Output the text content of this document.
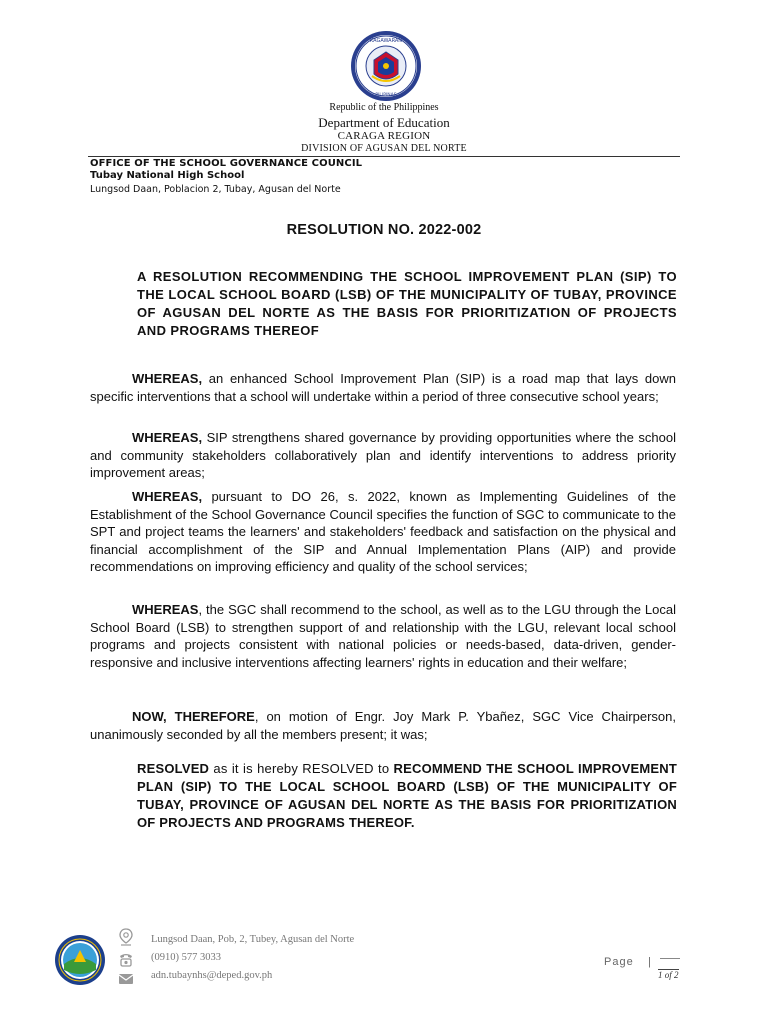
KAGAWARAN
PILIPINAS
Republic of the Philippines
Department of Education
CARAGA REGION
DIVISION OF AGUSAN DEL NORTE
OFFICE OF THE SCHOOL GOVERNANCE COUNCIL
Tubay National High School
Lungsod Daan, Poblacion 2, Tubay, Agusan del Norte
RESOLUTION NO. 2022-002
A RESOLUTION RECOMMENDING THE SCHOOL IMPROVEMENT PLAN (SIP) TO THE LOCAL SCHOOL BOARD (LSB) OF THE MUNICIPALITY OF TUBAY, PROVINCE OF AGUSAN DEL NORTE AS THE BASIS FOR PRIORITIZATION OF PROJECTS AND PROGRAMS THEREOF

WHEREAS, an enhanced School Improvement Plan (SIP) is a road map that lays down specific interventions that a school will undertake within a period of three consecutive school years;

WHEREAS, SIP strengthens shared governance by providing opportunities where the school and community stakeholders collaboratively plan and identify interventions to address priority improvement areas;

WHEREAS, pursuant to DO 26, s. 2022, known as Implementing Guidelines of the Establishment of the School Governance Council specifies the function of SGC to communicate to the SPT and project teams the learners' and stakeholders' feedback and satisfaction on the physical and financial accomplishment of the SIP and Annual Implementation Plans (AIP) and provide recommendations on improving efficiency and quality of the school services;

WHEREAS, the SGC shall recommend to the school, as well as to the LGU through the Local School Board (LSB) to strengthen support of and relationship with the LGU, relevant local school programs and projects consistent with national policies or needs-based, data-driven, gender-responsive and inclusive interventions affecting learners' rights in education and their welfare;

NOW, THEREFORE, on motion of Engr. Joy Mark P. Ybañez, SGC Vice Chairperson, unanimously seconded by all the members present; it was;

RESOLVED as it is hereby RESOLVED to RECOMMEND THE SCHOOL IMPROVEMENT PLAN (SIP) TO THE LOCAL SCHOOL BOARD (LSB) OF THE MUNICIPALITY OF TUBAY, PROVINCE OF AGUSAN DEL NORTE AS THE BASIS FOR PRIORITIZATION OF PROJECTS AND PROGRAMS THEREOF.

Lungsod Daan, Pob, 2, Tubey, Agusan del Norte
(0910) 577 3033
adn.tubaynhs@deped.gov.ph
Page |
1 of 2
